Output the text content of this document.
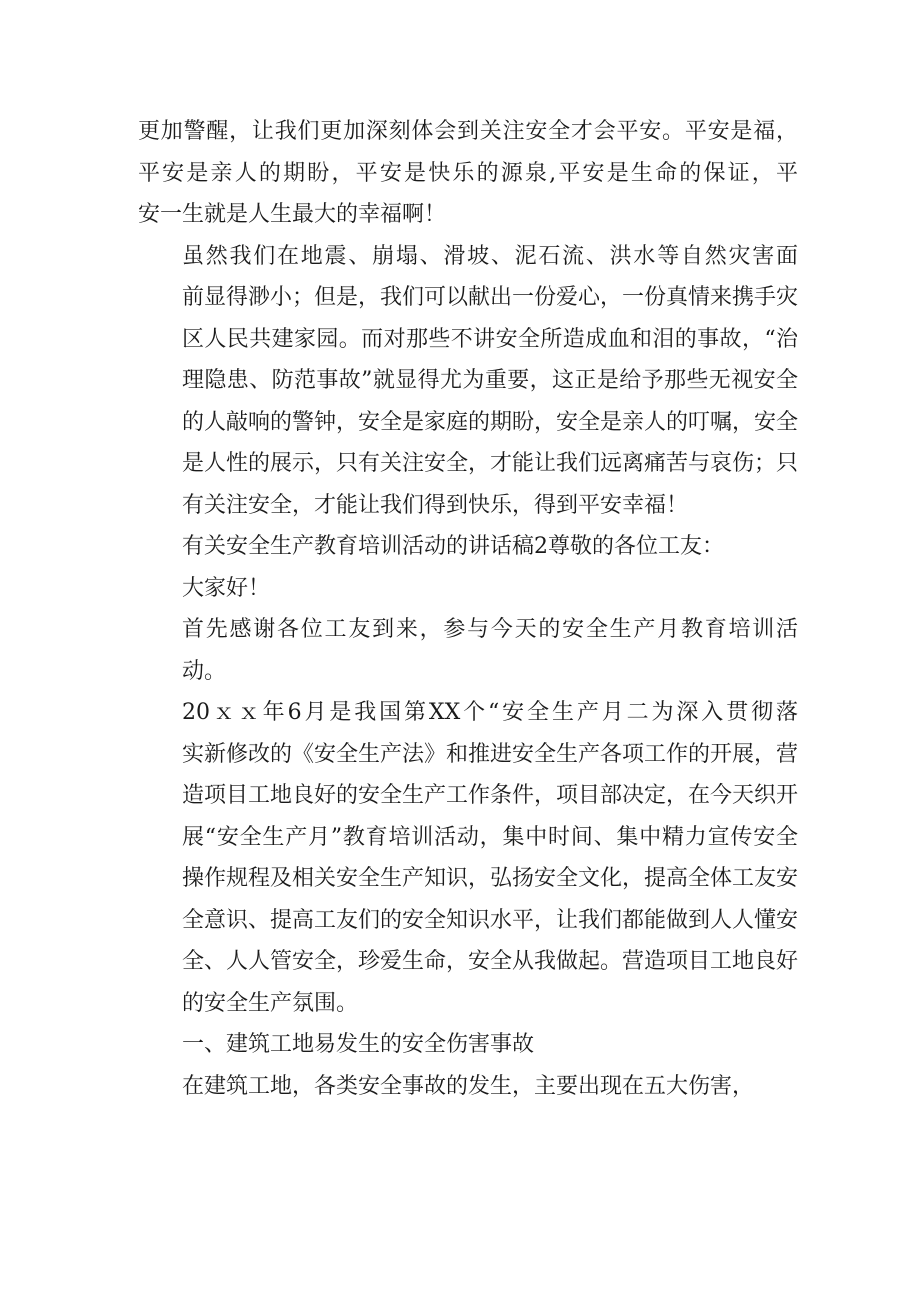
更加警醒，让我们更加深刻体会到关注安全才会平安。平安是福，
平安是亲人的期盼，平安是快乐的源泉,平安是生命的保证，平
安一生就是人生最大的幸福啊！

虽然我们在地震、崩塌、滑坡、泥石流、洪水等自然灾害面
前显得渺小；但是，我们可以献出一份爱心，一份真情来携手灾
区人民共建家园。而对那些不讲安全所造成血和泪的事故，“治
理隐患、防范事故”就显得尤为重要，这正是给予那些无视安全
的人敲响的警钟，安全是家庭的期盼，安全是亲人的叮嘱，安全
是人性的展示，只有关注安全，才能让我们远离痛苦与哀伤；只
有关注安全，才能让我们得到快乐，得到平安幸福！

有关安全生产教育培训活动的讲话稿2尊敬的各位工友：

大家好！

首先感谢各位工友到来，参与今天的安全生产月教育培训活
动。

20ｘｘ年6月是我国第XX个“安全生产月二为深入贯彻落
实新修改的《安全生产法》和推进安全生产各项工作的开展，营
造项目工地良好的安全生产工作条件，项目部决定，在今天织开
展“安全生产月”教育培训活动，集中时间、集中精力宣传安全
操作规程及相关安全生产知识，弘扬安全文化，提高全体工友安
全意识、提高工友们的安全知识水平，让我们都能做到人人懂安
全、人人管安全，珍爱生命，安全从我做起。营造项目工地良好
的安全生产氛围。

一、建筑工地易发生的安全伤害事故

在建筑工地，各类安全事故的发生，主要出现在五大伤害，
